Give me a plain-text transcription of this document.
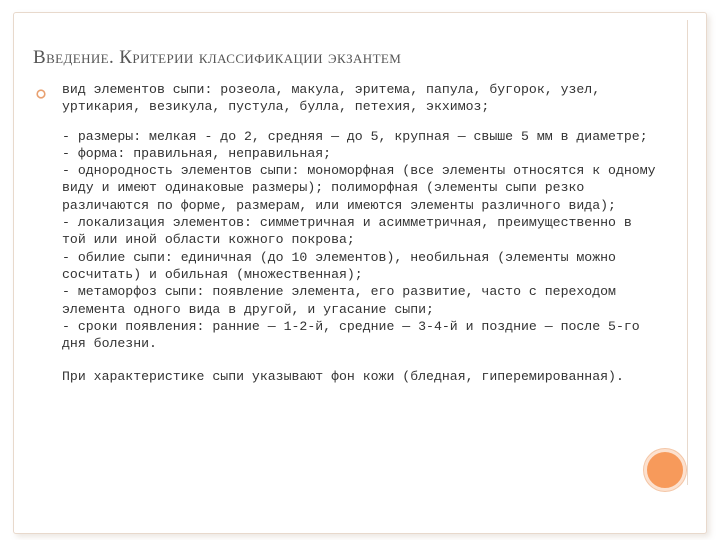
Введение. Критерии классификации экзантем

вид элементов сыпи: розеола, макула, эритема, папула, бугорок, узел, уртикария, везикула, пустула, булла, петехия, экхимоз;

- размеры: мелкая - до 2, средняя — до 5, крупная — свыше 5 мм в диаметре;

- форма: правильная, неправильная;

- однородность элементов сыпи: мономорфная (все элементы относятся к одному виду и имеют одинаковые размеры); полиморфная (элементы сыпи резко различаются по форме, размерам, или имеются элементы различного вида);

- локализация элементов: симметричная и асимметричная, преимущественно в той или иной области кожного покрова;

- обилие сыпи: единичная (до 10 элементов), необильная (элементы можно сосчитать) и обильная (множественная);

- метаморфоз сыпи: появление элемента, его развитие, часто с переходом элемента одного вида в другой, и угасание сыпи;

- сроки появления: ранние — 1-2-й, средние — 3-4-й и поздние — после 5-го дня болезни.

При характеристике сыпи указывают фон кожи (бледная, гиперемированная).
